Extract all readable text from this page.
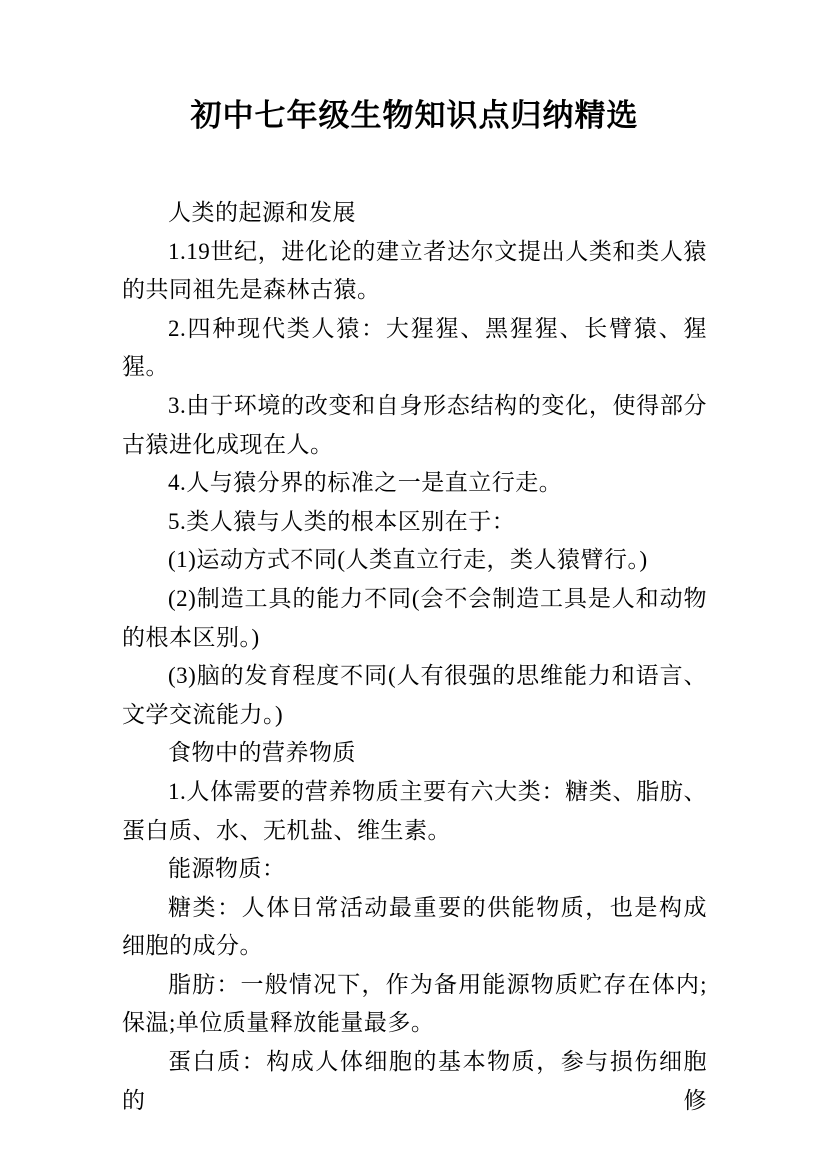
初中七年级生物知识点归纳精选

人类的起源和发展

1.19世纪，进化论的建立者达尔文提出人类和类人猿的共同祖先是森林古猿。

2.四种现代类人猿：大猩猩、黑猩猩、长臂猿、猩猩。

3.由于环境的改变和自身形态结构的变化，使得部分古猿进化成现在人。

4.人与猿分界的标准之一是直立行走。

5.类人猿与人类的根本区别在于：

(1)运动方式不同(人类直立行走，类人猿臂行。)

(2)制造工具的能力不同(会不会制造工具是人和动物的根本区别。)

(3)脑的发育程度不同(人有很强的思维能力和语言、文学交流能力。)

食物中的营养物质

1.人体需要的营养物质主要有六大类：糖类、脂肪、蛋白质、水、无机盐、维生素。

能源物质：

糖类：人体日常活动最重要的供能物质，也是构成细胞的成分。

脂肪：一般情况下，作为备用能源物质贮存在体内;保温;单位质量释放能量最多。

蛋白质：构成人体细胞的基本物质，参与损伤细胞的修
